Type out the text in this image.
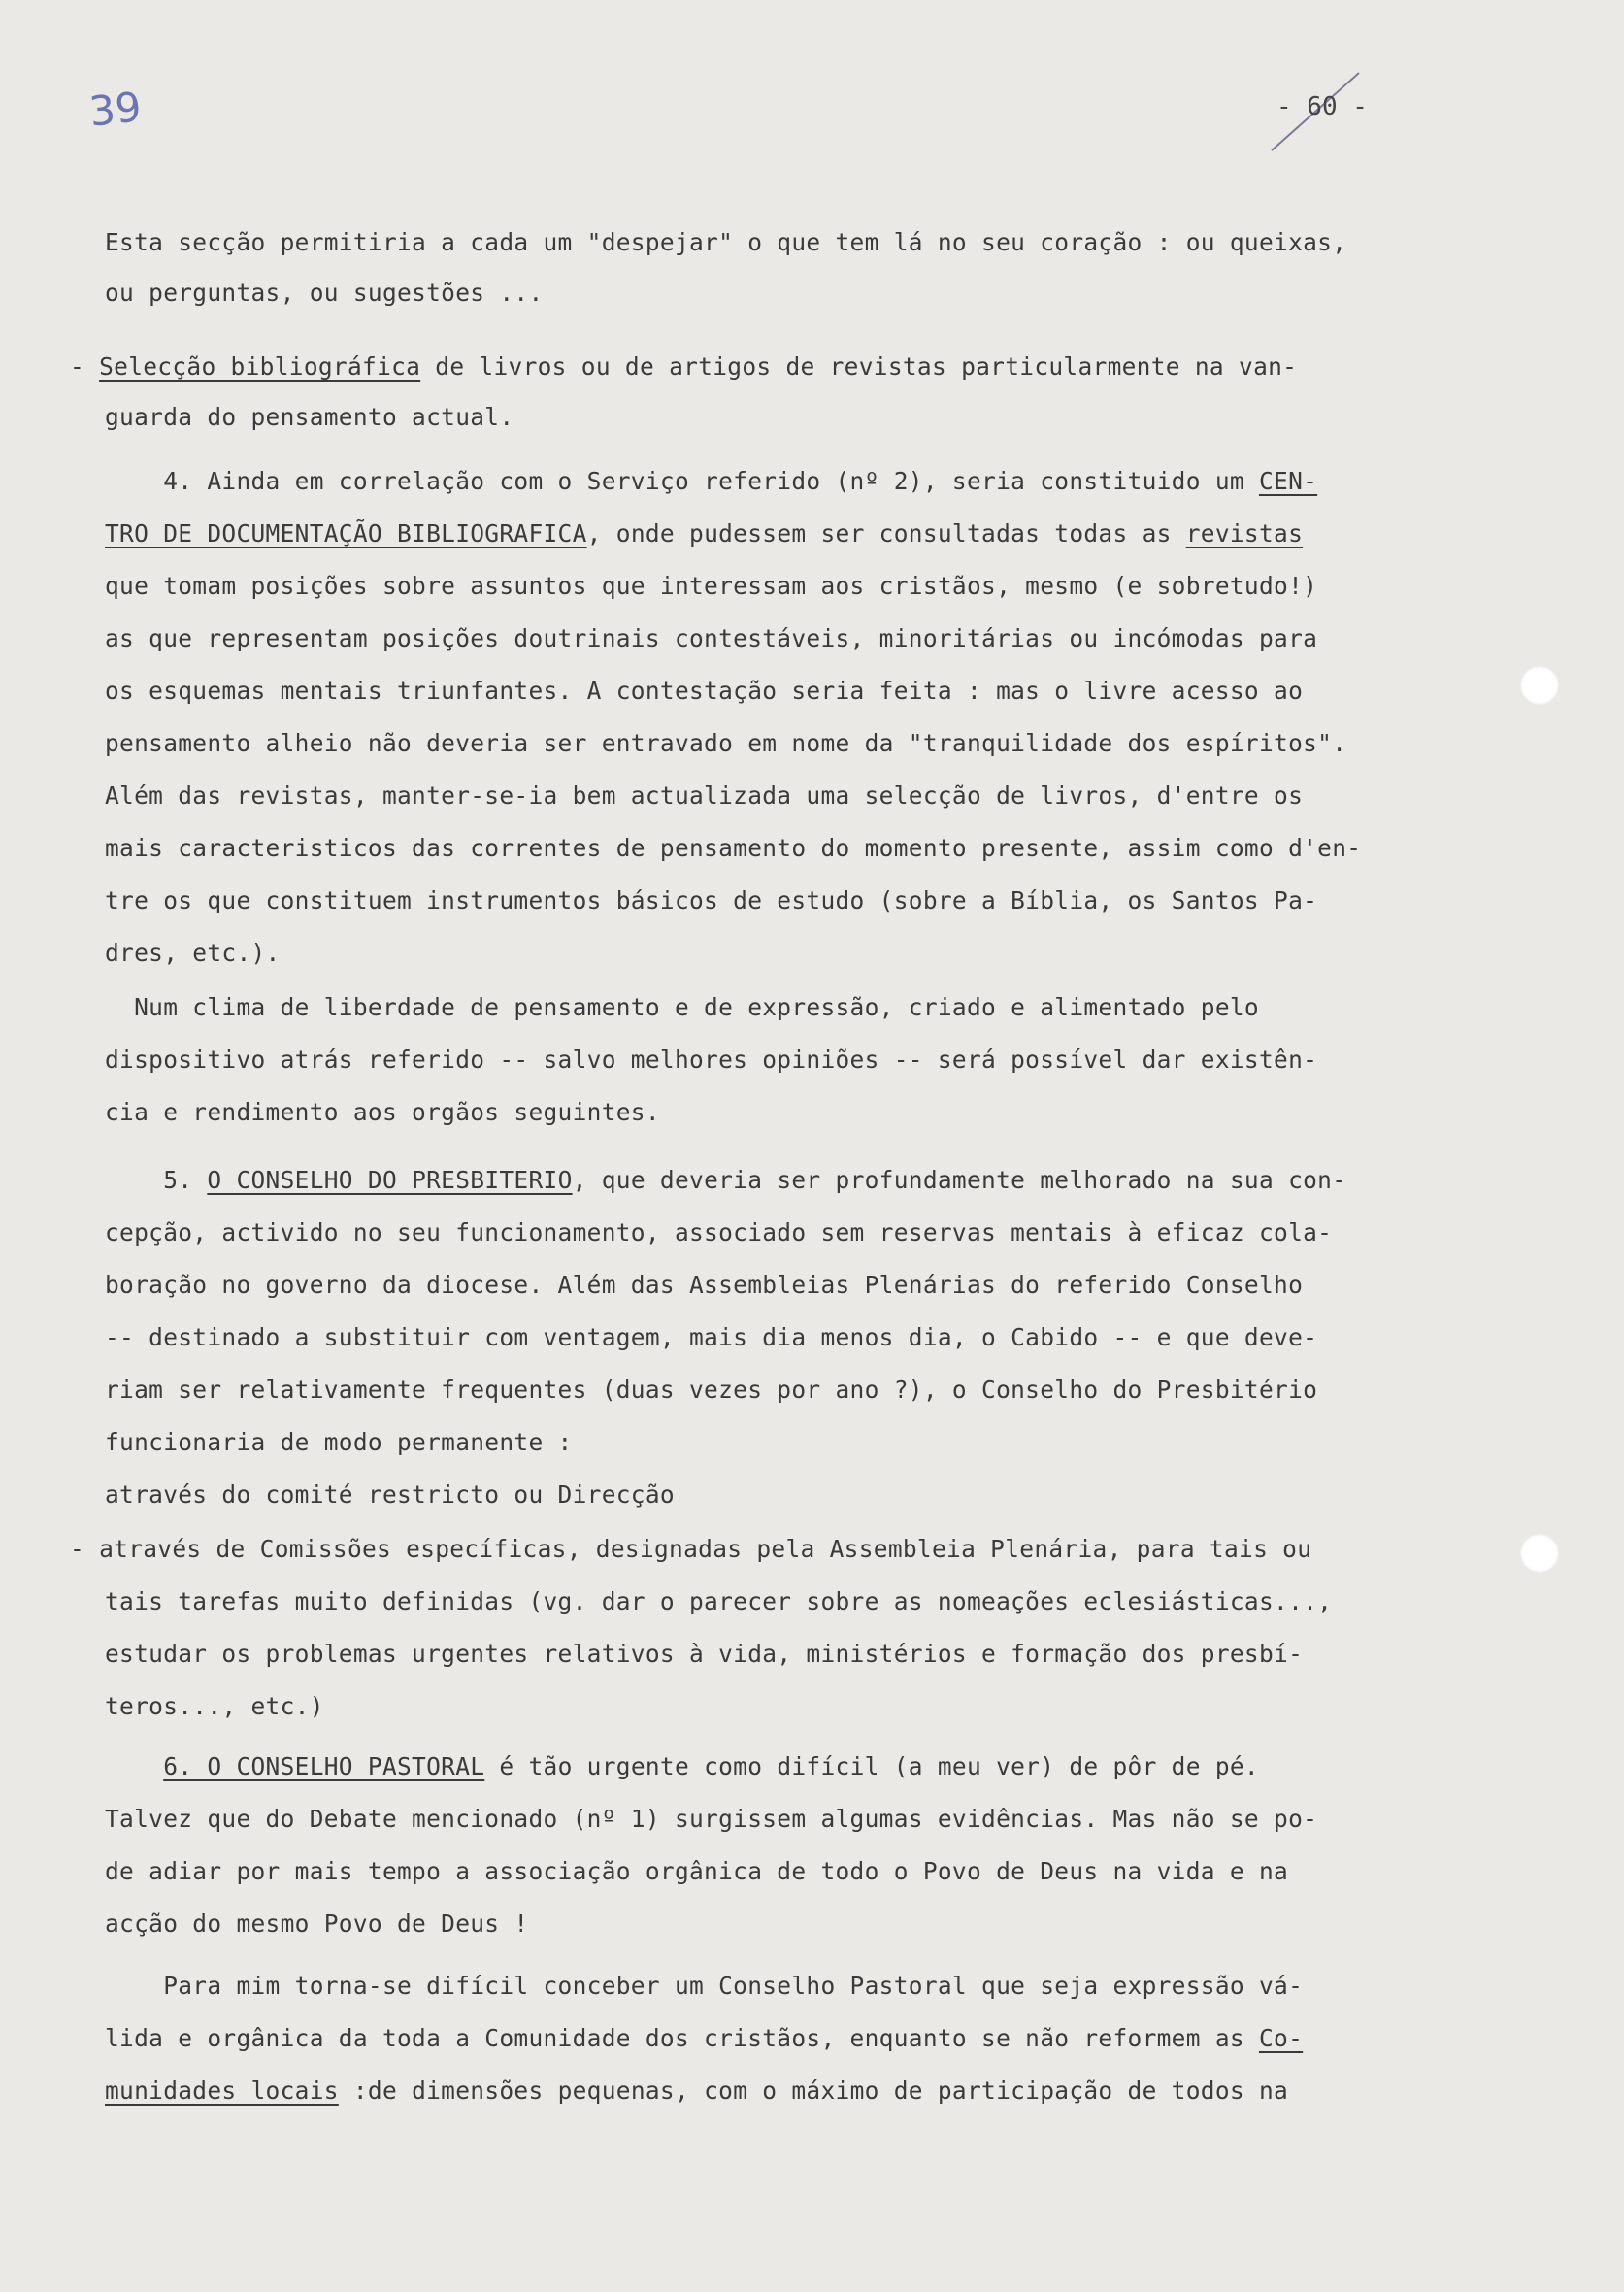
39	- 60 -
Esta secção permitiria a cada um "despejar" o que tem lá no seu coração : ou queixas,
ou perguntas, ou sugestões ...
- Selecção bibliográfica de livros ou de artigos de revistas particularmente na van-
guarda do pensamento actual.
4. Ainda em correlação com o Serviço referido (nº 2), seria constituido um CEN-
TRO DE DOCUMENTAÇÃO BIBLIOGRAFICA, onde pudessem ser consultadas todas as revistas
que tomam posições sobre assuntos que interessam aos cristãos, mesmo (e sobretudo!)
as que representam posições doutrinais contestáveis, minoritárias ou incómodas para
os esquemas mentais triunfantes. A contestação seria feita : mas o livre acesso ao
pensamento alheio não deveria ser entravado em nome da "tranquilidade dos espíritos".
Além das revistas, manter-se-ia bem actualizada uma selecção de livros, d'entre os
mais caracteristicos das correntes de pensamento do momento presente, assim como d'en-
tre os que constituem instrumentos básicos de estudo (sobre a Bíblia, os Santos Pa-
dres, etc.).
Num clima de liberdade de pensamento e de expressão, criado e alimentado pelo
dispositivo atrás referido -- salvo melhores opiniões -- será possível dar existên-
cia e rendimento aos orgãos seguintes.
5. O CONSELHO DO PRESBITERIO, que deveria ser profundamente melhorado na sua con-
cepção, activido no seu funcionamento, associado sem reservas mentais à eficaz cola-
boração no governo da diocese. Além das Assembleias Plenárias do referido Conselho
-- destinado a substituir com ventagem, mais dia menos dia, o Cabido -- e que deve-
riam ser relativamente frequentes (duas vezes por ano ?), o Conselho do Presbitério
funcionaria de modo permanente :
através do comité restricto ou Direcção
- através de Comissões específicas, designadas pela Assembleia Plenária, para tais ou
tais tarefas muito definidas (vg. dar o parecer sobre as nomeações eclesiásticas...,
estudar os problemas urgentes relativos à vida, ministérios e formação dos presbí-
teros..., etc.)
6. O CONSELHO PASTORAL é tão urgente como difícil (a meu ver) de pôr de pé.
Talvez que do Debate mencionado (nº 1) surgissem algumas evidências. Mas não se po-
de adiar por mais tempo a associação orgânica de todo o Povo de Deus na vida e na
acção do mesmo Povo de Deus !
Para mim torna-se difícil conceber um Conselho Pastoral que seja expressão vá-
lida e orgânica da toda a Comunidade dos cristãos, enquanto se não reformem as Co-
munidades locais :de dimensões pequenas, com o máximo de participação de todos na
